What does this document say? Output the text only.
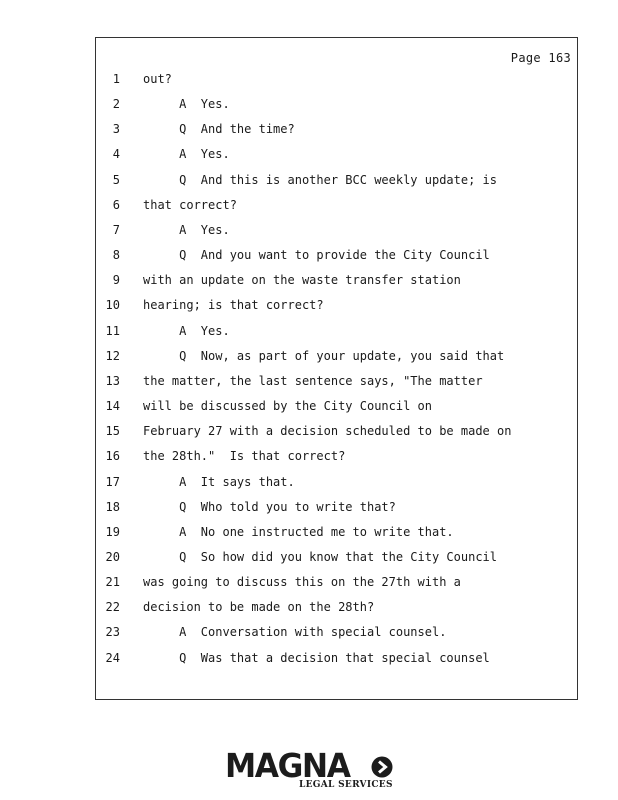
Page 163
1 out?
2 A  Yes.
3 Q  And the time?
4 A  Yes.
5 Q  And this is another BCC weekly update; is
6 that correct?
7 A  Yes.
8 Q  And you want to provide the City Council
9 with an update on the waste transfer station
10 hearing; is that correct?
11 A  Yes.
12 Q  Now, as part of your update, you said that
13 the matter, the last sentence says, "The matter
14 will be discussed by the City Council on
15 February 27 with a decision scheduled to be made on
16 the 28th."  Is that correct?
17 A  It says that.
18 Q  Who told you to write that?
19 A  No one instructed me to write that.
20 Q  So how did you know that the City Council
21 was going to discuss this on the 27th with a
22 decision to be made on the 28th?
23 A  Conversation with special counsel.
24 Q  Was that a decision that special counsel
MAGNA
LEGAL SERVICES
